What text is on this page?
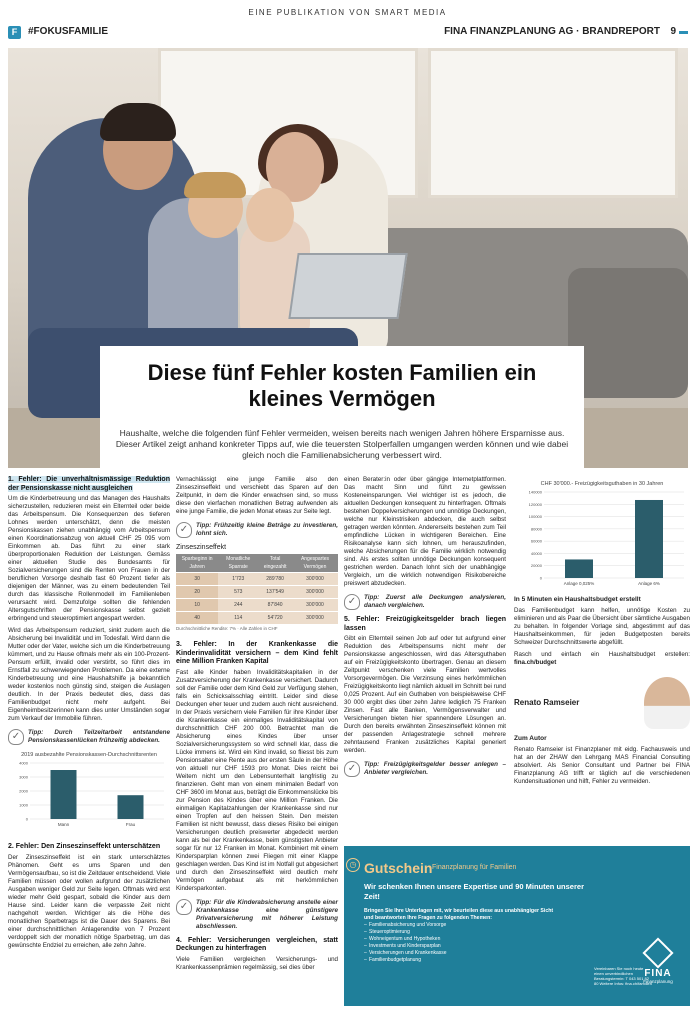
EINE PUBLIKATION VON SMART MEDIA
F	#FOKUSFAMILIE	FINA FINANZPLANUNG AG · BRANDREPORT 9
Diese fünf Fehler kosten Familien ein kleines Vermögen
Haushalte, welche die folgenden fünf Fehler vermeiden, weisen bereits nach wenigen Jahren höhere Ersparnisse aus. Dieser Artikel zeigt anhand konkreter Tipps auf, wie die teuersten Stolperfallen umgangen werden können und wie dabei gleich noch die Familienabsicherung verbessert wird.
1. Fehler: Die unverhältnismässige Reduktion der Pensionskasse nicht ausgleichen

Um die Kinderbetreuung und das Managen des Haushalts sicherzustellen, reduzieren meist ein Elternteil oder beide das Arbeitspensum. Die Konsequenzen des tieferen Lohnes werden unterschätzt, denn die meisten Pensionskassen ziehen unabhängig vom Arbeitspensum einen Koordinationsabzug von aktuell CHF 25 095 vom Einkommen ab. Das führt zu einer stark überproportionalen Reduktion der Leistungen. Gemäss einer aktuellen Studie des Bundesamts für Sozialversicherungen sind die Renten von Frauen in der beruflichen Vorsorge deshalb fast 60 Prozent tiefer als diejenigen der Männer, was zu einem bedeutenden Teil durch das klassische Rollenmodell im Familienleben verursacht wird. Demzufolge sollten die fehlenden Altersgutschriften der Pensionskasse selbst gezielt erbringend und steueroptimiert angespart werden.

Wird das Arbeitspensum reduziert, sinkt zudem auch die Absicherung bei Invalidität und im Todesfall. Wird dann die Mutter oder der Vater, welche sich um die Kinderbetreuung kümmert, und zu Hause oftmals mehr als ein 100-Prozent-Pensum erfüllt, invalid oder verstirbt, so führt dies im Ernstfall zu schwerwiegenden Problemen. Da eine externe Kinderbetreuung und eine Haushaltshilfe ja bekanntlich weder kostenlos noch günstig sind, steigen die Auslagen deutlich. In der Praxis bedeutet dies, dass das Familienbudget nicht mehr aufgeht. Bei Eigenheimbesitzerinnen kann dies unter Umständen sogar zum Verkauf der Immobilie führen.

✓	Tipp: Durch Teilzeitarbeit entstandene Pensionskassenlücken frühzeitig abdecken.
2019 ausbezahlte Pensionskassen-Durchschnittsrenten
0
1000
2000
3000
4000
Mann	Frau
2. Fehler: Den Zinseszinseffekt unterschätzen

Der Zinseszinseffekt ist ein stark unterschätztes Phänomen. Geht es ums Sparen und den Vermögensaufbau, so ist die Zeitdauer entscheidend. Viele Familien müssen oder wollen aufgrund der zusätzlichen Ausgaben weniger Geld zur Seite legen. Oftmals wird erst wieder mehr Geld gespart, sobald die Kinder aus dem Hause sind. Leider kann die verpasste Zeit nicht nachgeholt werden. Wichtiger als die Höhe des monatlichen Sparbetrags ist die Dauer des Sparens. Bei einer durchschnittlichen Anlagerendite von 7 Prozent verdoppelt sich der monatlich nötige Sparbetrag, um das gewünschte Endziel zu erreichen, alle zehn Jahre.

Vernachlässigt eine junge Familie also den Zinseszinseffekt und verschiebt das Sparen auf den Zeitpunkt, in dem die Kinder erwachsen sind, so muss diese den vierfachen monatlichen Betrag aufwenden als eine junge Familie, die jeden Monat etwas zur Seite legt.

✓	Tipp: Frühzeitig kleine Beträge zu investieren, lohnt sich.
Zinseszinseffekt
Sparbeginn in Jahren	Monatliche Sparrate	Total eingezahlt	Angespartes Vermögen
30	1'723	289'780	300'000
20	573	137'549	300'000
10	244	87'840	300'000
40	114	54'720	300'000
Durchschnittliche Rendite: 7% · Alle Zahlen in CHF
3. Fehler: In der Krankenkasse die Kinderinvalidität versichern – dem Kind fehlt eine Million Franken Kapital

Fast alle Kinder haben Invaliditätskapitalien in der Zusatzversicherung der Krankenkasse versichert. Dadurch soll der Familie oder dem Kind Geld zur Verfügung stehen, falls ein Schicksalsschlag eintritt. Leider sind diese Deckungen eher teuer und zudem auch nicht ausreichend. In der Praxis versichern viele Familien für ihre Kinder über die Krankenkasse ein einmaliges Invaliditätskapital von durchschnittlich CHF 200 000. Betrachtet man die Absicherung eines Kindes über unser Sozialversicherungssystem so wird schnell klar, dass die Lücke immens ist. Wird ein Kind invalid, so fliesst bis zum Pensionsalter eine Rente aus der ersten Säule in der Höhe von aktuell nur CHF 1593 pro Monat. Dies reicht bei Weitem nicht um den Lebensunterhalt langfristig zu finanzieren. Geht man von einem minimalen Bedarf von CHF 3600 im Monat aus, beträgt die Einkommenslücke bis zur Pension des Kindes über eine Million Franken. Die einmaligen Kapitalzahlungen der Krankenkasse sind nur einen Tropfen auf den heissen Stein. Den meisten Familien ist nicht bewusst, dass dieses Risiko bei einigen Versicherungen deutlich preiswerter abgedeckt werden kann als bei der Krankenkasse, beim günstigsten Anbieter sogar für nur 12 Franken im Monat. Kombiniert mit einem Kindersparplan können zwei Fliegen mit einer Klappe geschlagen werden. Das Kind ist im Notfall gut abgesichert und durch den Zinseszinseffekt wird deutlich mehr Vermögen aufgebaut als mit herkömmlichen Kindersparkonten.

✓	Tipp: Für die Kinderabsicherung anstelle einer Krankenkasse eine günstigere Privatversicherung mit höherer Leistung abschliessen.
4. Fehler: Versicherungen vergleichen, statt Deckungen zu hinterfragen

Viele Familien vergleichen Versicherungs- und Krankenkassenprämien regelmässig, sei dies über

einen Berater:in oder über gängige Internetplattformen. Das macht Sinn und führt zu gewissen Kosteneinsparungen. Viel wichtiger ist es jedoch, die aktuellen Deckungen konsequent zu hinterfragen. Oftmals bestehen Doppelversicherungen und unnötige Deckungen, welche nur Kleinstrisiken abdecken, die auch selbst getragen werden könnten. Andererseits bestehen zum Teil empfindliche Lücken in wichtigeren Bereichen. Eine Risikoanalyse kann sich lohnen, um herauszufinden, welche Absicherungen für die Familie wirklich notwendig sind. Als erstes sollten unnötige Deckungen konsequent gestrichen werden. Danach lohnt sich der unabhängige Vergleich, um die wirklich notwendigen Risikobereiche preiswert abzudecken.

✓	Tipp: Zuerst alle Deckungen analysieren, danach vergleichen.
5. Fehler: Freizügigkeitsgelder brach liegen lassen

Gibt ein Elternteil seinen Job auf oder tut aufgrund einer Reduktion des Arbeitspensums nicht mehr der Pensionskasse angeschlossen, wird das Altersguthaben auf ein Freizügigkeitskonto übertragen. Genau an diesem Zeitpunkt verschenken viele Familien wertvolles Vorsorgevermögen. Die Verzinsung eines herkömmlichen Freizügigkeitskonto liegt nämlich aktuell im Schnitt bei rund 0,025 Prozent. Auf ein Guthaben von beispielsweise CHF 30 000 ergibt dies über zehn Jahre lediglich 75 Franken Zinsen. Fast alle Banken, Vermögensverwalter und Versicherungen bieten hier spannendere Lösungen an. Durch den bereits erwähnten Zinseszinseffekt können mit der passenden Anlagestrategie schnell mehrere zehntausend Franken zusätzliches Kapital generiert werden.

✓	Tipp: Freizügigkeitsgelder besser anlegen – Anbieter vergleichen.
CHF 30'000.- Freizügigkeitsguthaben in 30 Jahren
0
20000
40000
60000
80000
100000
120000
140000
Anlage 0,025%	Anlage 6%
In 5 Minuten ein Haushaltsbudget erstellt

Das Familienbudget kann helfen, unnötige Kosten zu eliminieren und als Paar die Übersicht über sämtliche Ausgaben zu behalten. In folgender Vorlage sind, abgestimmt auf das Haushaltseinkommen, für jeden Budgetposten bereits Schweizer Durchschnittswerte abgefüllt.

Rasch und einfach ein Haushaltsbudget erstellen: fina.ch/budget

Renato Ramseier
Zum Autor

Renato Ramseier ist Finanzplaner mit eidg. Fachausweis und hat an der ZHAW den Lehrgang MAS Financial Consulting absolviert. Als Senior Consultant und Partner bei FINA Finanzplanung AG trifft er täglich auf die verschiedenen Kundensituationen und hilft, Fehler zu vermeiden.

◷ Gutschein Finanzplanung für Familien
Wir schenken Ihnen unsere Expertise und 90 Minuten unserer Zeit!
Bringen Sie Ihre Unterlagen mit, wir beurteilen diese aus unabhängiger Sicht und beantworten Ihre Fragen zu folgenden Themen:
– Familienabsicherung und Vorsorge
– Steueroptimierung
– Wohneigentum und Hypotheken
– Investments und Kindersparplan
– Versicherungen und Krankenkasse
– Familienbudgetplanung
Vereinbaren Sie noch heute einen unverbindlichen Beratungstermin: T 043 501 82 80 Weitere Infos: fina.ch/familien
FINA
Finanzplanung
